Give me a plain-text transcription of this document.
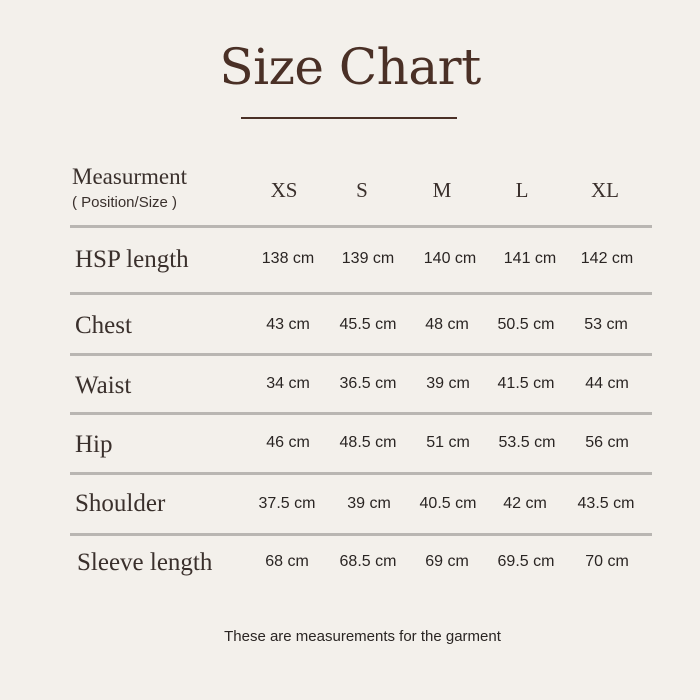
Size Chart
Measurment
( Position/Size )
XS	S	M	L	XL
HSP length	138 cm	139 cm	140 cm	141 cm	142 cm
Chest	43 cm	45.5 cm	48 cm	50.5 cm	53 cm
Waist	34 cm	36.5 cm	39 cm	41.5 cm	44 cm
Hip	46 cm	48.5 cm	51 cm	53.5 cm	56 cm
Shoulder	37.5 cm	39 cm	40.5 cm	42 cm	43.5 cm
Sleeve length	68 cm	68.5 cm	69 cm	69.5 cm	70 cm
These are measurements for the garment
